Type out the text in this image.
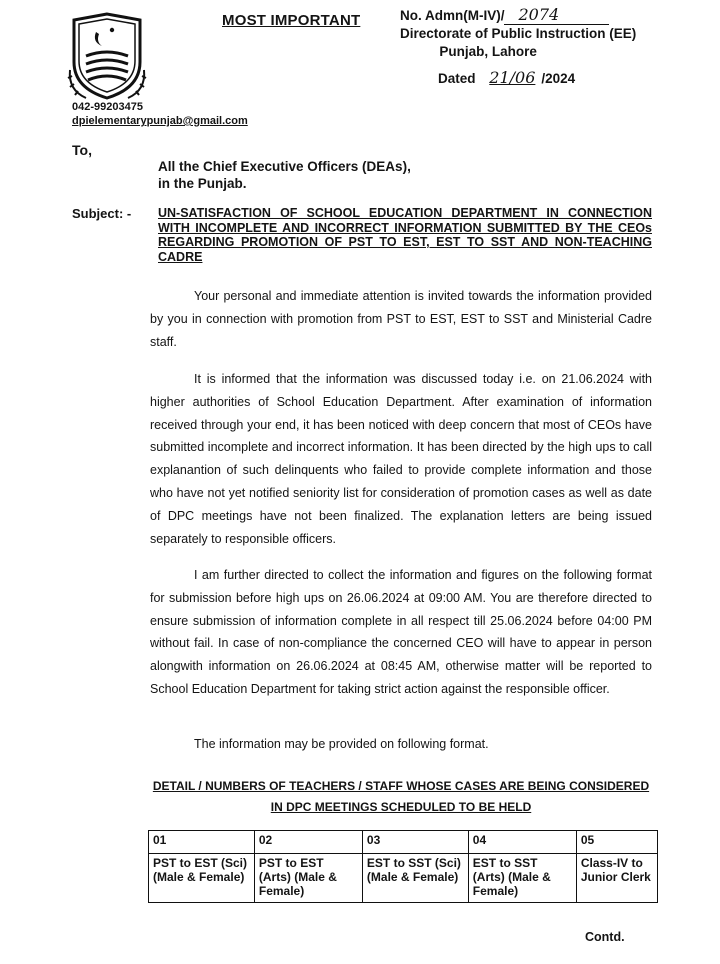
MOST IMPORTANT	No. Admn(M-IV)/ 2074
Directorate of Public Instruction (EE)
Punjab, Lahore
Dated 21/06 /2024
042-99203475
dpielementarypunjab@gmail.com
To,
All the Chief Executive Officers (DEAs),
in the Punjab.
Subject: - UN-SATISFACTION OF SCHOOL EDUCATION DEPARTMENT IN CONNECTION WITH INCOMPLETE AND INCORRECT INFORMATION SUBMITTED BY THE CEOs REGARDING PROMOTION OF PST TO EST, EST TO SST AND NON-TEACHING CADRE
Your personal and immediate attention is invited towards the information provided by you in connection with promotion from PST to EST, EST to SST and Ministerial Cadre staff.
It is informed that the information was discussed today i.e. on 21.06.2024 with higher authorities of School Education Department. After examination of information received through your end, it has been noticed with deep concern that most of CEOs have submitted incomplete and incorrect information. It has been directed by the high ups to call explanantion of such delinquents who failed to provide complete information and those who have not yet notified seniority list for consideration of promotion cases as well as date of DPC meetings have not been finalized. The explanation letters are being issued separately to responsible officers.
I am further directed to collect the information and figures on the following format for submission before high ups on 26.06.2024 at 09:00 AM. You are therefore directed to ensure submission of information complete in all respect till 25.06.2024 before 04:00 PM without fail. In case of non-compliance the concerned CEO will have to appear in person alongwith information on 26.06.2024 at 08:45 AM, otherwise matter will be reported to School Education Department for taking strict action against the responsible officer.
The information may be provided on following format.
DETAIL / NUMBERS OF TEACHERS / STAFF WHOSE CASES ARE BEING CONSIDERED IN DPC MEETINGS SCHEDULED TO BE HELD
01	02	03	04	05
PST to EST (Sci) (Male & Female)	PST to EST (Arts) (Male & Female)	EST to SST (Sci) (Male & Female)	EST to SST (Arts) (Male & Female)	Class-IV to Junior Clerk
Contd.
